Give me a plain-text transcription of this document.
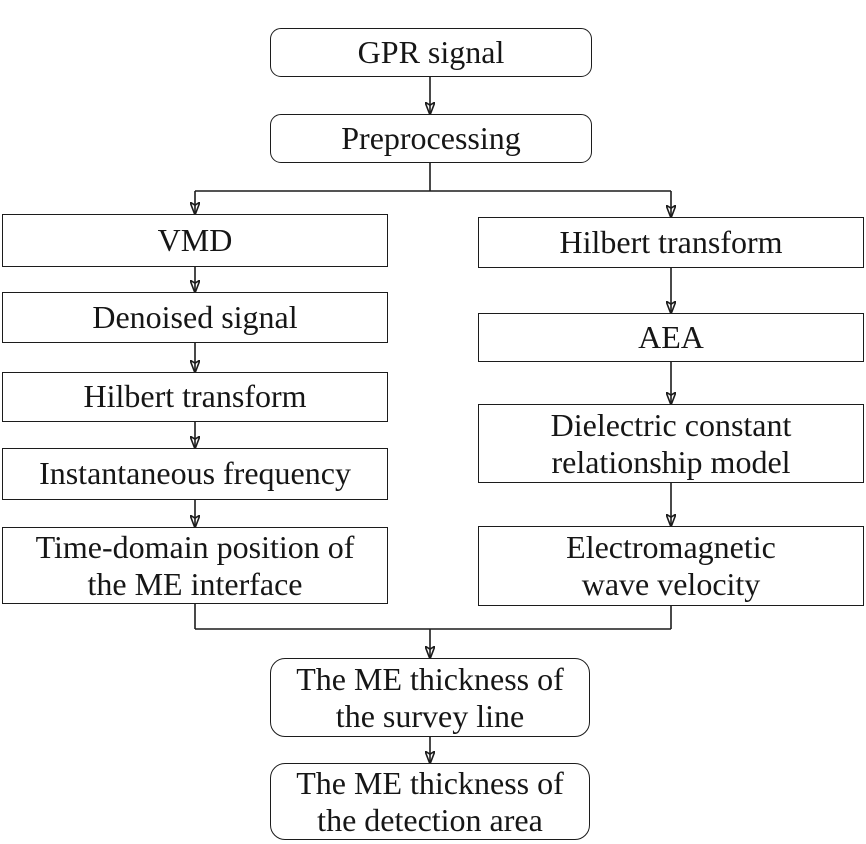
GPR signal
Preprocessing
VMD
Denoised signal
Hilbert transform
Instantaneous frequency
Time-domain position of
the ME interface
Hilbert transform
AEA
Dielectric constant
relationship model
Electromagnetic
wave velocity
The ME thickness of
the survey line
The ME thickness of
the detection area
